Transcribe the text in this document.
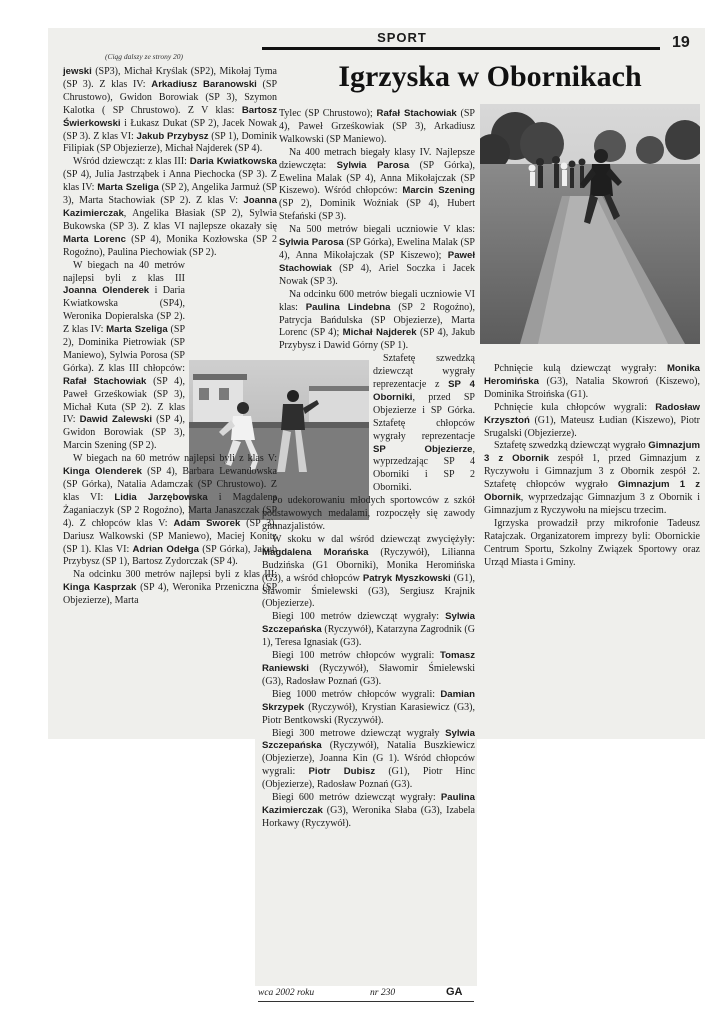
SPORT	19
(Ciąg dalszy ze strony 20)
Igrzyska w Obornikach

jewski (SP3), Michał Kryślak (SP2), Mikołaj Tyma (SP 3). Z klas IV: Arkadiusz Baranowski (SP Chrustowo), Gwidon Borowiak (SP 3), Szymon Kalotka ( SP Chrustowo). Z V klas: Bartosz Świerkowski i Łukasz Dukat (SP 2), Jacek Nowak (SP 3). Z klas VI: Jakub Przybysz (SP 1), Dominik Filipiak (SP Objezierze), Michał Najderek (SP 4).

Wśród dziewcząt: z klas III: Daria Kwiatkowska (SP 4), Julia Jastrząbek i Anna Piechocka (SP 3). Z klas IV: Marta Szeliga (SP 2), Angelika Jarmuż (SP 3), Marta Stachowiak (SP 2). Z klas V: Joanna Kazimierczak, Angelika Błasiak (SP 2), Sylwia Bukowska (SP 3). Z klas VI najlepsze okazały się Marta Lorenc (SP 4), Monika Kozłowska (SP 2 Rogoźno), Paulina Piechowiak (SP 2).

W biegach na 40 metrów najlepsi byli z klas III Joanna Olenderek i Daria Kwiatkowska (SP4), Weronika Dopieralska (SP 2). Z klas IV: Marta Szeliga (SP 2), Dominika Pietrowiak (SP Maniewo), Sylwia Porosa (SP Górka). Z klas III chłopców: Rafał Stachowiak (SP 4), Paweł Grześkowiak (SP 3), Michał Kuta (SP 2). Z klas IV: Dawid Zalewski (SP 4), Gwidon Borowiak (SP 3), Marcin Szening (SP 2).

W biegach na 60 metrów najlepsi byli z klas V: Kinga Olenderek (SP 4), Barbara Lewandowska (SP Górka), Natalia Adamczak (SP Chrustowo). Z klas VI: Lidia Jarzębowska i Magdalena Żaganiaczyk (SP 2 Rogoźno), Marta Janaszczak (SP 4). Z chłopców klas V: Adam Sworek (SP 3), Dariusz Walkowski (SP Maniewo), Maciej Konitz (SP 1). Klas VI: Adrian Odełga (SP Górka), Jakub Przybysz (SP 1), Bartosz Zydorczak (SP 4).

Na odcinku 300 metrów najlepsi byli z klas III: Kinga Kasprzak (SP 4), Weronika Przeniczna (SP Objezierze), Marta

Tylec (SP Chrustowo); Rafał Stachowiak (SP 4), Paweł Grześkowiak (SP 3), Arkadiusz Walkowski (SP Maniewo).

Na 400 metrach biegały klasy IV. Najlepsze dziewczęta: Sylwia Parosa (SP Górka), Ewelina Malak (SP 4), Anna Mikołajczak (SP Kiszewo). Wśród chłopców: Marcin Szening (SP 2), Dominik Woźniak (SP 4), Hubert Stefański (SP 3).

Na 500 metrów biegali uczniowie V klas: Sylwia Parosa (SP Górka), Ewelina Malak (SP 4), Anna Mikołajczak (SP Kiszewo); Paweł Stachowiak (SP 4), Ariel Soczka i Jacek Nowak (SP 3).

Na odcinku 600 metrów biegali uczniowie VI klas: Paulina Lindebna (SP 2 Rogoźno), Patrycja Bańdulska (SP Objezierze), Marta Lorenc (SP 4); Michał Najderek (SP 4), Jakub Przybysz i Dawid Górny (SP 1).

Sztafetę szwedzką dziewcząt wygrały reprezentacje z SP 4 Oborniki, przed SP Objezierze i SP Górka. Sztafetę chłopców wygrały reprezentacje SP Objezierze, wyprzedzając SP 4 Oborniki i SP 2 Oborniki.

Po udekorowaniu młodych sportowców z szkół podstawowych medalami, rozpoczęły się zawody gimnazjalistów.

W skoku w dal wśród dziewcząt zwyciężyły: Magdalena Morańska (Ryczywół), Lilianna Budzińska (G1 Oborniki), Monika Heromińska (G3), a wśród chłopców Patryk Myszkowski (G1), Sławomir Śmielewski (G3), Sergiusz Krajnik (Objezierze).

Biegi 100 metrów dziewcząt wygrały: Sylwia Szczepańska (Ryczywół), Katarzyna Zagrodnik (G 1), Teresa Ignasiak (G3).

Biegi 100 metrów chłopców wygrali: Tomasz Raniewski (Ryczywół), Sławomir Śmielewski (G3), Radosław Poznań (G3).

Bieg 1000 metrów chłopców wygrali: Damian Skrzypek (Ryczywół), Krystian Karasiewicz (G3), Piotr Bentkowski (Ryczywół).

Biegi 300 metrowe dziewcząt wygrały Sylwia Szczepańska (Ryczywół), Natalia Buszkiewicz (Objezierze), Joanna Kin (G 1). Wśród chłopców wygrali: Piotr Dubisz (G1), Piotr Hinc (Objezierze), Radosław Poznań (G3).

Biegi 600 metrów dziewcząt wygrały: Paulina Kazimierczak (G3), Weronika Słaba (G3), Izabela Horkawy (Ryczywół).

Pchnięcie kulą dziewcząt wygrały: Monika Heromińska (G3), Natalia Skowroń (Kiszewo), Dominika Stroińska (G1).

Pchnięcie kula chłopców wygrali: Radosław Krzysztoń (G1), Mateusz Łudian (Kiszewo), Piotr Srugalski (Objezierze).

Sztafetę szwedzką dziewcząt wygrało Gimnazjum 3 z Obornik zespół 1, przed Gimnazjum z Ryczywołu i Gimnazjum 3 z Obornik zespół 2. Sztafetę chłopców wygrało Gimnazjum 1 z Obornik, wyprzedzając Gimnazjum 3 z Obornik i Gimnazjum z Ryczywołu na miejscu trzecim.

Igrzyska prowadził przy mikrofonie Tadeusz Ratajczak. Organizatorem imprezy byli: Obornickie Centrum Sportu, Szkolny Związek Sportowy oraz Urząd Miasta i Gminy.

wca 2002 roku	nr 230	GA
